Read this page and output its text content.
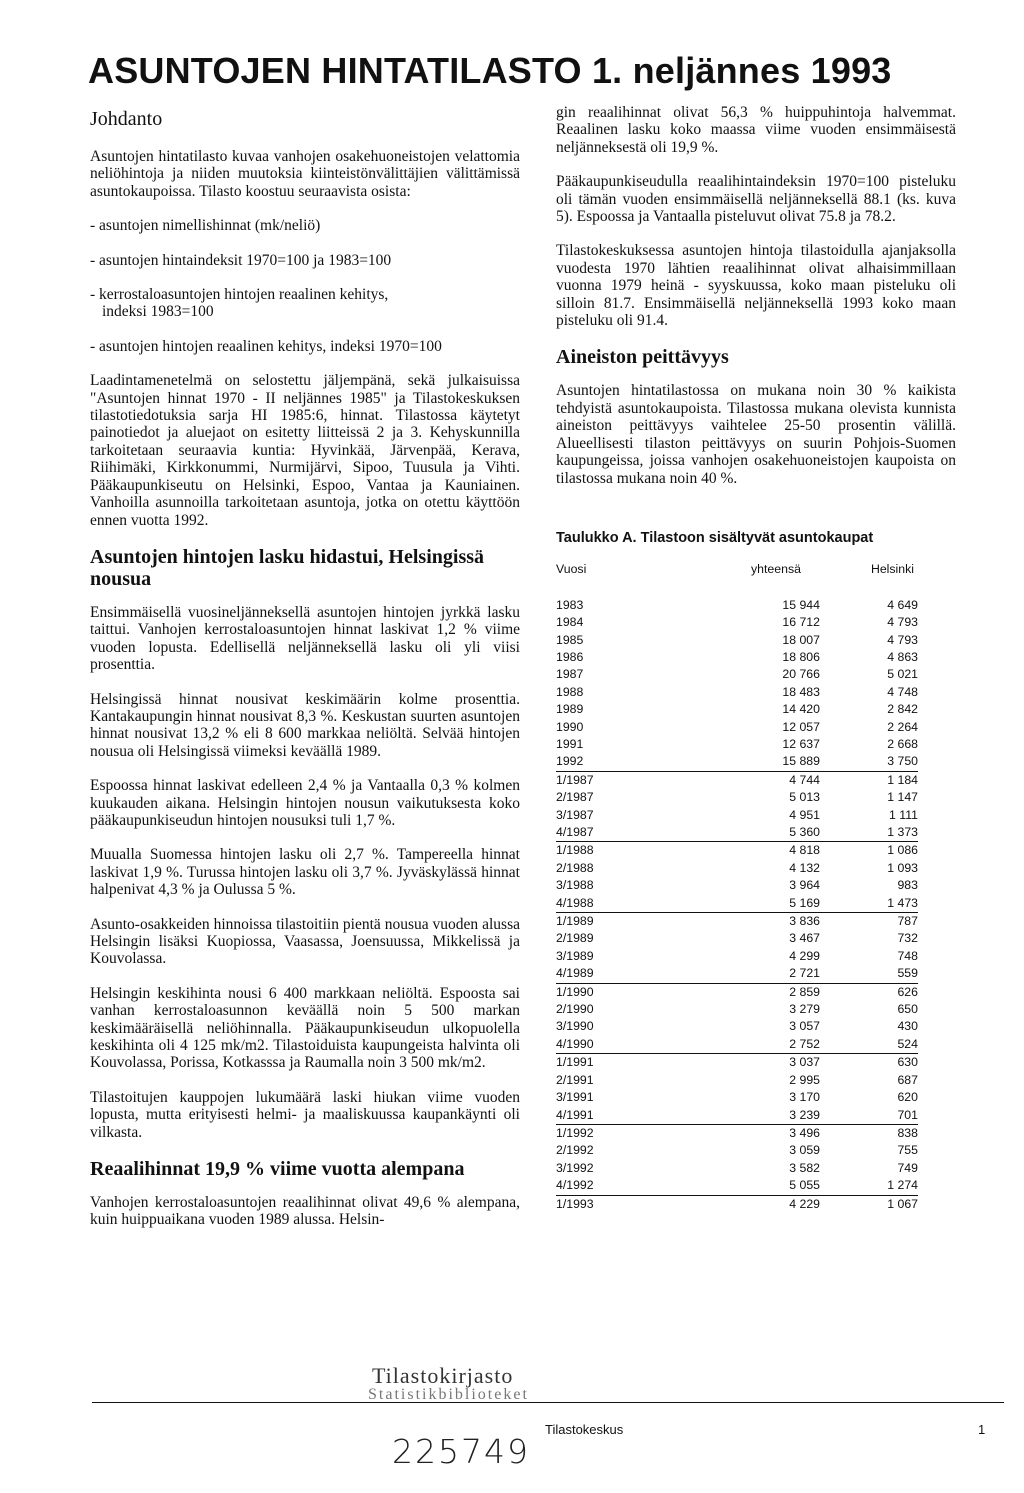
ASUNTOJEN HINTATILASTO 1. neljännes 1993
Johdanto

Asuntojen hintatilasto kuvaa vanhojen osakehuoneistojen velattomia neliöhintoja ja niiden muutoksia kiinteistönvälittäjien välittämissä asuntokaupoissa. Tilasto koostuu seuraavista osista:

- asuntojen nimellishinnat (mk/neliö)
- asuntojen hintaindeksit 1970=100 ja 1983=100
- kerrostaloasuntojen hintojen reaalinen kehitys,
indeksi 1983=100
- asuntojen hintojen reaalinen kehitys, indeksi 1970=100

Laadintamenetelmä on selostettu jäljempänä, sekä julkaisuissa "Asuntojen hinnat 1970 - II neljännes 1985" ja Tilastokeskuksen tilastotiedotuksia sarja HI 1985:6, hinnat. Tilastossa käytetyt painotiedot ja aluejaot on esitetty liitteissä 2 ja 3. Kehyskunnilla tarkoitetaan seuraavia kuntia: Hyvinkää, Järvenpää, Kerava, Riihimäki, Kirkkonummi, Nurmijärvi, Sipoo, Tuusula ja Vihti. Pääkaupunkiseutu on Helsinki, Espoo, Vantaa ja Kauniainen. Vanhoilla asunnoilla tarkoitetaan asuntoja, jotka on otettu käyttöön ennen vuotta 1992.

Asuntojen hintojen lasku hidastui, Helsingissä nousua

Ensimmäisellä vuosineljänneksellä asuntojen hintojen jyrkkä lasku taittui. Vanhojen kerrostaloasuntojen hinnat laskivat 1,2 % viime vuoden lopusta. Edellisellä neljänneksellä lasku oli yli viisi prosenttia.

Helsingissä hinnat nousivat keskimäärin kolme prosenttia. Kantakaupungin hinnat nousivat 8,3 %. Keskustan suurten asuntojen hinnat nousivat 13,2 % eli 8 600 markkaa neliöltä. Selvää hintojen nousua oli Helsingissä viimeksi keväällä 1989.

Espoossa hinnat laskivat edelleen 2,4 % ja Vantaalla 0,3 % kolmen kuukauden aikana. Helsingin hintojen nousun vaikutuksesta koko pääkaupunkiseudun hintojen nousuksi tuli 1,7 %.

Muualla Suomessa hintojen lasku oli 2,7 %. Tampereella hinnat laskivat 1,9 %. Turussa hintojen lasku oli 3,7 %. Jyväskylässä hinnat halpenivat 4,3 % ja Oulussa 5 %.

Asunto-osakkeiden hinnoissa tilastoitiin pientä nousua vuoden alussa Helsingin lisäksi Kuopiossa, Vaasassa, Joensuussa, Mikkelissä ja Kouvolassa.

Helsingin keskihinta nousi 6 400 markkaan neliöltä. Espoosta sai vanhan kerrostaloasunnon keväällä noin 5 500 markan keskimääräisellä neliöhinnalla. Pääkaupunkiseudun ulkopuolella keskihinta oli 4 125 mk/m2. Tilastoiduista kaupungeista halvinta oli Kouvolassa, Porissa, Kotkasssa ja Raumalla noin 3 500 mk/m2.

Tilastoitujen kauppojen lukumäärä laski hiukan viime vuoden lopusta, mutta erityisesti helmi- ja maaliskuussa kaupankäynti oli vilkasta.

Reaalihinnat 19,9 % viime vuotta alempana

Vanhojen kerrostaloasuntojen reaalihinnat olivat 49,6 % alempana, kuin huippuaikana vuoden 1989 alussa. Helsin-

gin reaalihinnat olivat 56,3 % huippuhintoja halvemmat. Reaalinen lasku koko maassa viime vuoden ensimmäisestä neljänneksestä oli 19,9 %.

Pääkaupunkiseudulla reaalihintaindeksin 1970=100 pisteluku oli tämän vuoden ensimmäisellä neljänneksellä 88.1 (ks. kuva 5). Espoossa ja Vantaalla pisteluvut olivat 75.8 ja 78.2.

Tilastokeskuksessa asuntojen hintoja tilastoidulla ajanjaksolla vuodesta 1970 lähtien reaalihinnat olivat alhaisimmillaan vuonna 1979 heinä - syyskuussa, koko maan pisteluku oli silloin 81.7. Ensimmäisellä neljänneksellä 1993 koko maan pisteluku oli 91.4.

Aineiston peittävyys

Asuntojen hintatilastossa on mukana noin 30 % kaikista tehdyistä asuntokaupoista. Tilastossa mukana olevista kunnista aineiston peittävyys vaihtelee 25-50 prosentin välillä. Alueellisesti tilaston peittävyys on suurin Pohjois-Suomen kaupungeissa, joissa vanhojen osakehuoneistojen kaupoista on tilastossa mukana noin 40 %.

Taulukko A. Tilastoon sisältyvät asuntokaupat
Vuosi	yhteensä	Helsinki
1983	15 944	4 649
1984	16 712	4 793
1985	18 007	4 793
1986	18 806	4 863
1987	20 766	5 021
1988	18 483	4 748
1989	14 420	2 842
1990	12 057	2 264
1991	12 637	2 668
1992	15 889	3 750
1/1987	4 744	1 184
2/1987	5 013	1 147
3/1987	4 951	1 111
4/1987	5 360	1 373
1/1988	4 818	1 086
2/1988	4 132	1 093
3/1988	3 964	983
4/1988	5 169	1 473
1/1989	3 836	787
2/1989	3 467	732
3/1989	4 299	748
4/1989	2 721	559
1/1990	2 859	626
2/1990	3 279	650
3/1990	3 057	430
4/1990	2 752	524
1/1991	3 037	630
2/1991	2 995	687
3/1991	3 170	620
4/1991	3 239	701
1/1992	3 496	838
2/1992	3 059	755
3/1992	3 582	749
4/1992	5 055	1 274
1/1993	4 229	1 067
Tilastokirjasto
Statistikbiblioteket
Tilastokeskus	1
225749
